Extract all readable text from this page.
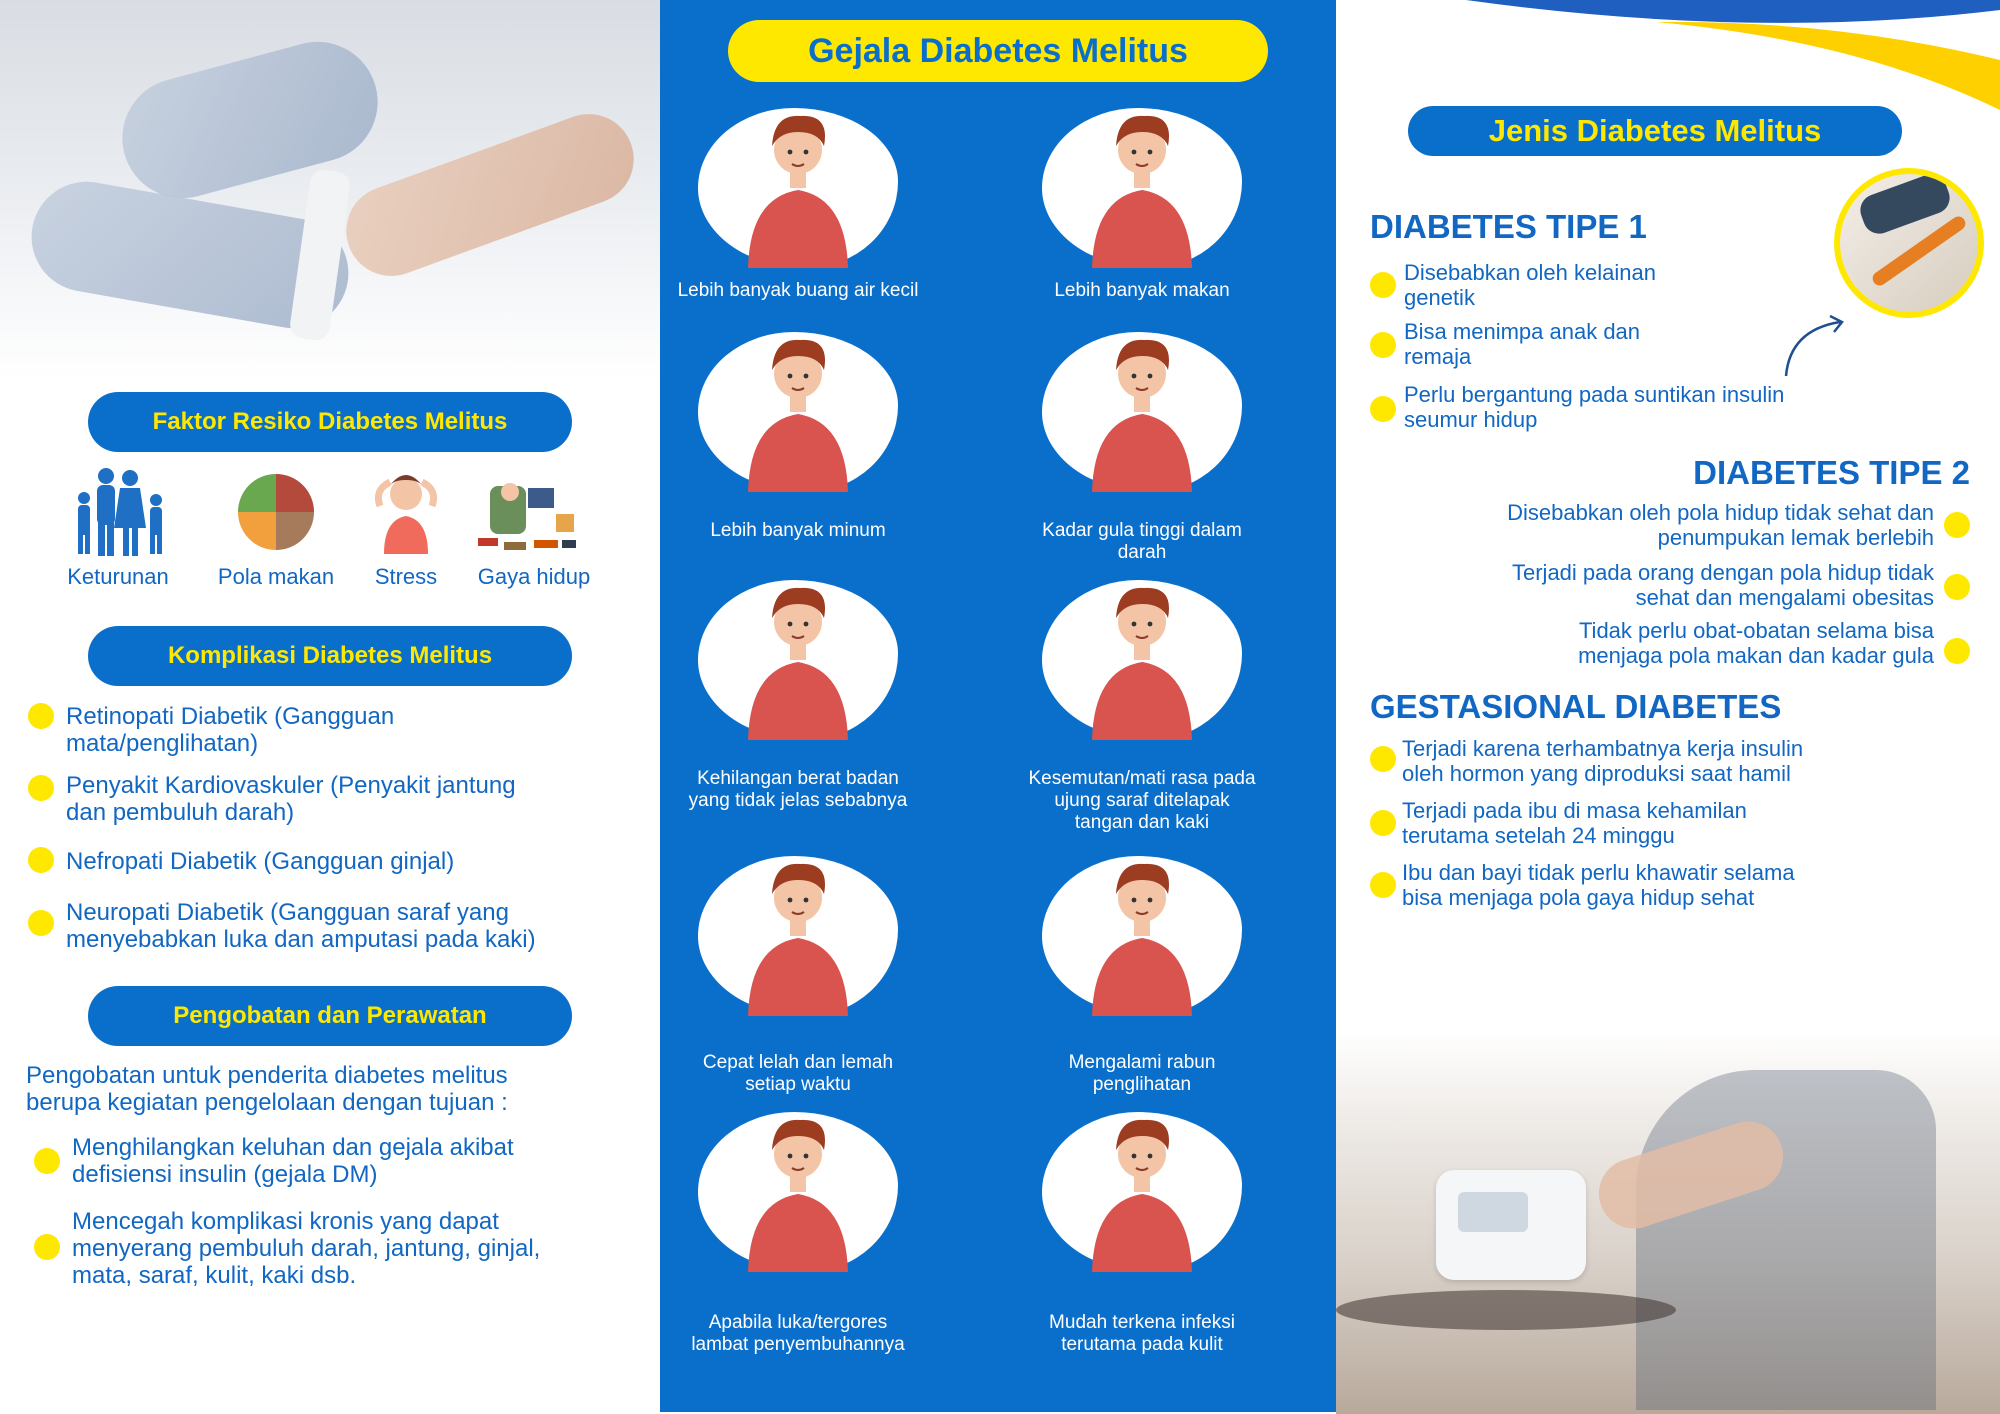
Faktor Resiko Diabetes Melitus
Keturunan	Pola makan	Stress	Gaya hidup
Komplikasi Diabetes Melitus
Retinopati Diabetik (Gangguan
mata/penglihatan)
Penyakit Kardiovaskuler (Penyakit jantung
dan pembuluh darah)
Nefropati Diabetik (Gangguan ginjal)
Neuropati Diabetik (Gangguan saraf yang
menyebabkan luka dan amputasi pada kaki)
Pengobatan dan Perawatan
Pengobatan untuk penderita diabetes melitus
berupa kegiatan pengelolaan dengan tujuan :
Menghilangkan keluhan dan gejala akibat
defisiensi insulin (gejala DM)
Mencegah komplikasi kronis yang dapat
menyerang pembuluh darah, jantung, ginjal,
mata, saraf, kulit, kaki dsb.
Gejala Diabetes Melitus
Lebih banyak buang air kecil	Lebih banyak makan
Lebih banyak minum	Kadar gula tinggi dalam
darah
Kehilangan berat badan
yang tidak jelas sebabnya
Kesemutan/mati rasa pada
ujung saraf ditelapak
tangan dan kaki
Cepat lelah dan lemah
setiap waktu
Mengalami rabun
penglihatan
Apabila luka/tergores
lambat penyembuhannya
Mudah terkena infeksi
terutama pada kulit
Jenis Diabetes Melitus
DIABETES TIPE 1
Disebabkan oleh kelainan
genetik
Bisa menimpa anak dan
remaja
Perlu bergantung pada suntikan insulin
seumur hidup
DIABETES TIPE 2
Disebabkan oleh pola hidup tidak sehat dan
penumpukan lemak berlebih
Terjadi pada orang dengan pola hidup tidak
sehat dan mengalami obesitas
Tidak perlu obat-obatan selama bisa
menjaga pola makan dan kadar gula
GESTASIONAL DIABETES
Terjadi karena terhambatnya kerja insulin
oleh hormon yang diproduksi saat hamil
Terjadi pada ibu di masa kehamilan
terutama setelah 24 minggu
Ibu dan bayi tidak perlu khawatir selama
bisa menjaga pola gaya hidup sehat
